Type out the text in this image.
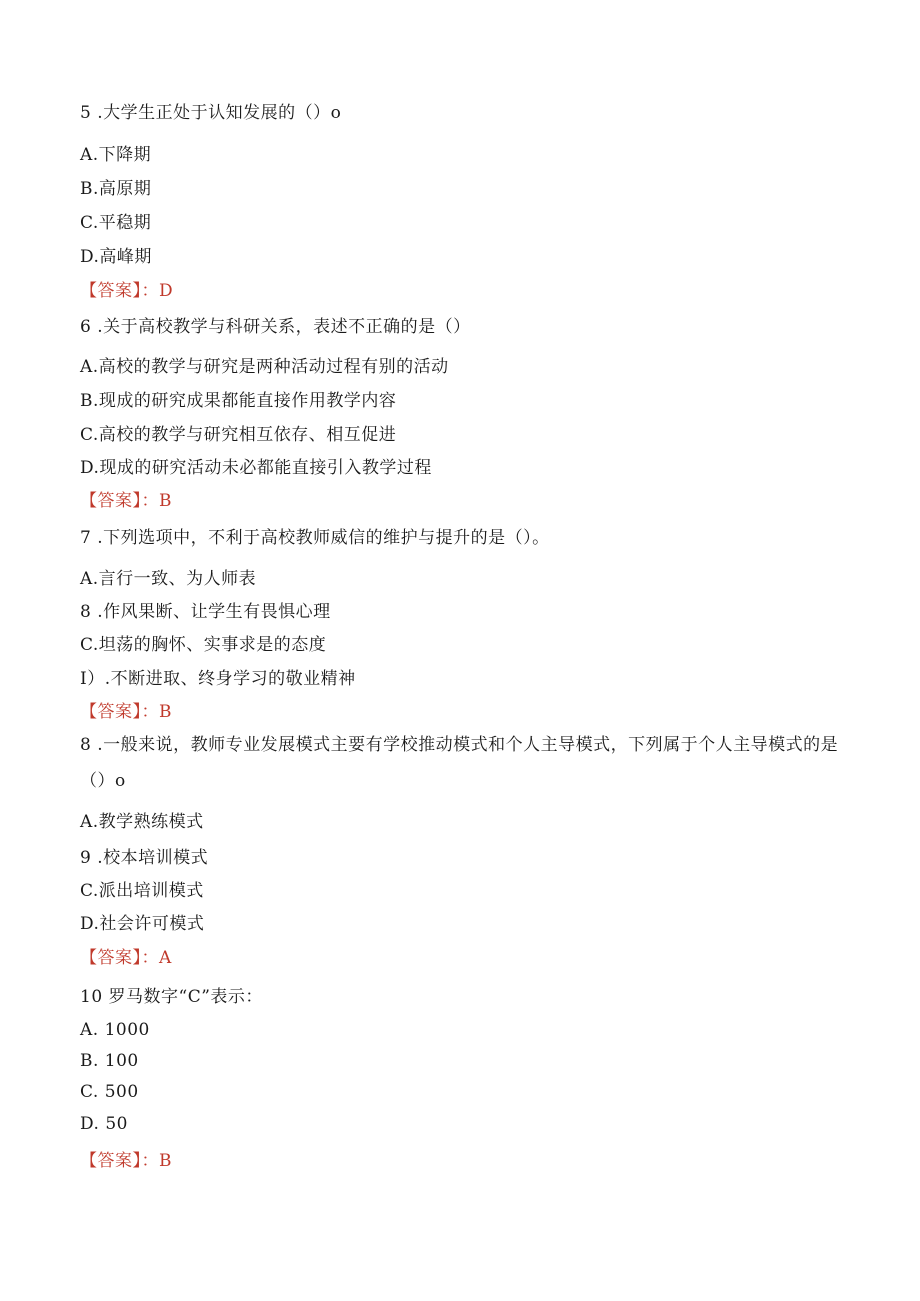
5 .大学生正处于认知发展的（）o
A.下降期
B.高原期
C.平稳期
D.高峰期
【答案】：D
6 .关于高校教学与科研关系，表述不正确的是（）
A.高校的教学与研究是两种活动过程有别的活动
B.现成的研究成果都能直接作用教学内容
C.高校的教学与研究相互依存、相互促进
D.现成的研究活动未必都能直接引入教学过程
【答案】：B
7 .下列选项中，不利于高校教师威信的维护与提升的是（）。
A.言行一致、为人师表
8 .作风果断、让学生有畏惧心理
C.坦荡的胸怀、实事求是的态度
I）.不断进取、终身学习的敬业精神
【答案】：B
8 .一般来说，教师专业发展模式主要有学校推动模式和个人主导模式，下列属于个人主导模式的是（）o
A.教学熟练模式
9 .校本培训模式
C.派出培训模式
D.社会许可模式
【答案】：A
10 罗马数字“C”表示：
A. 1000
B. 100
C. 500
D. 50
【答案】：B
